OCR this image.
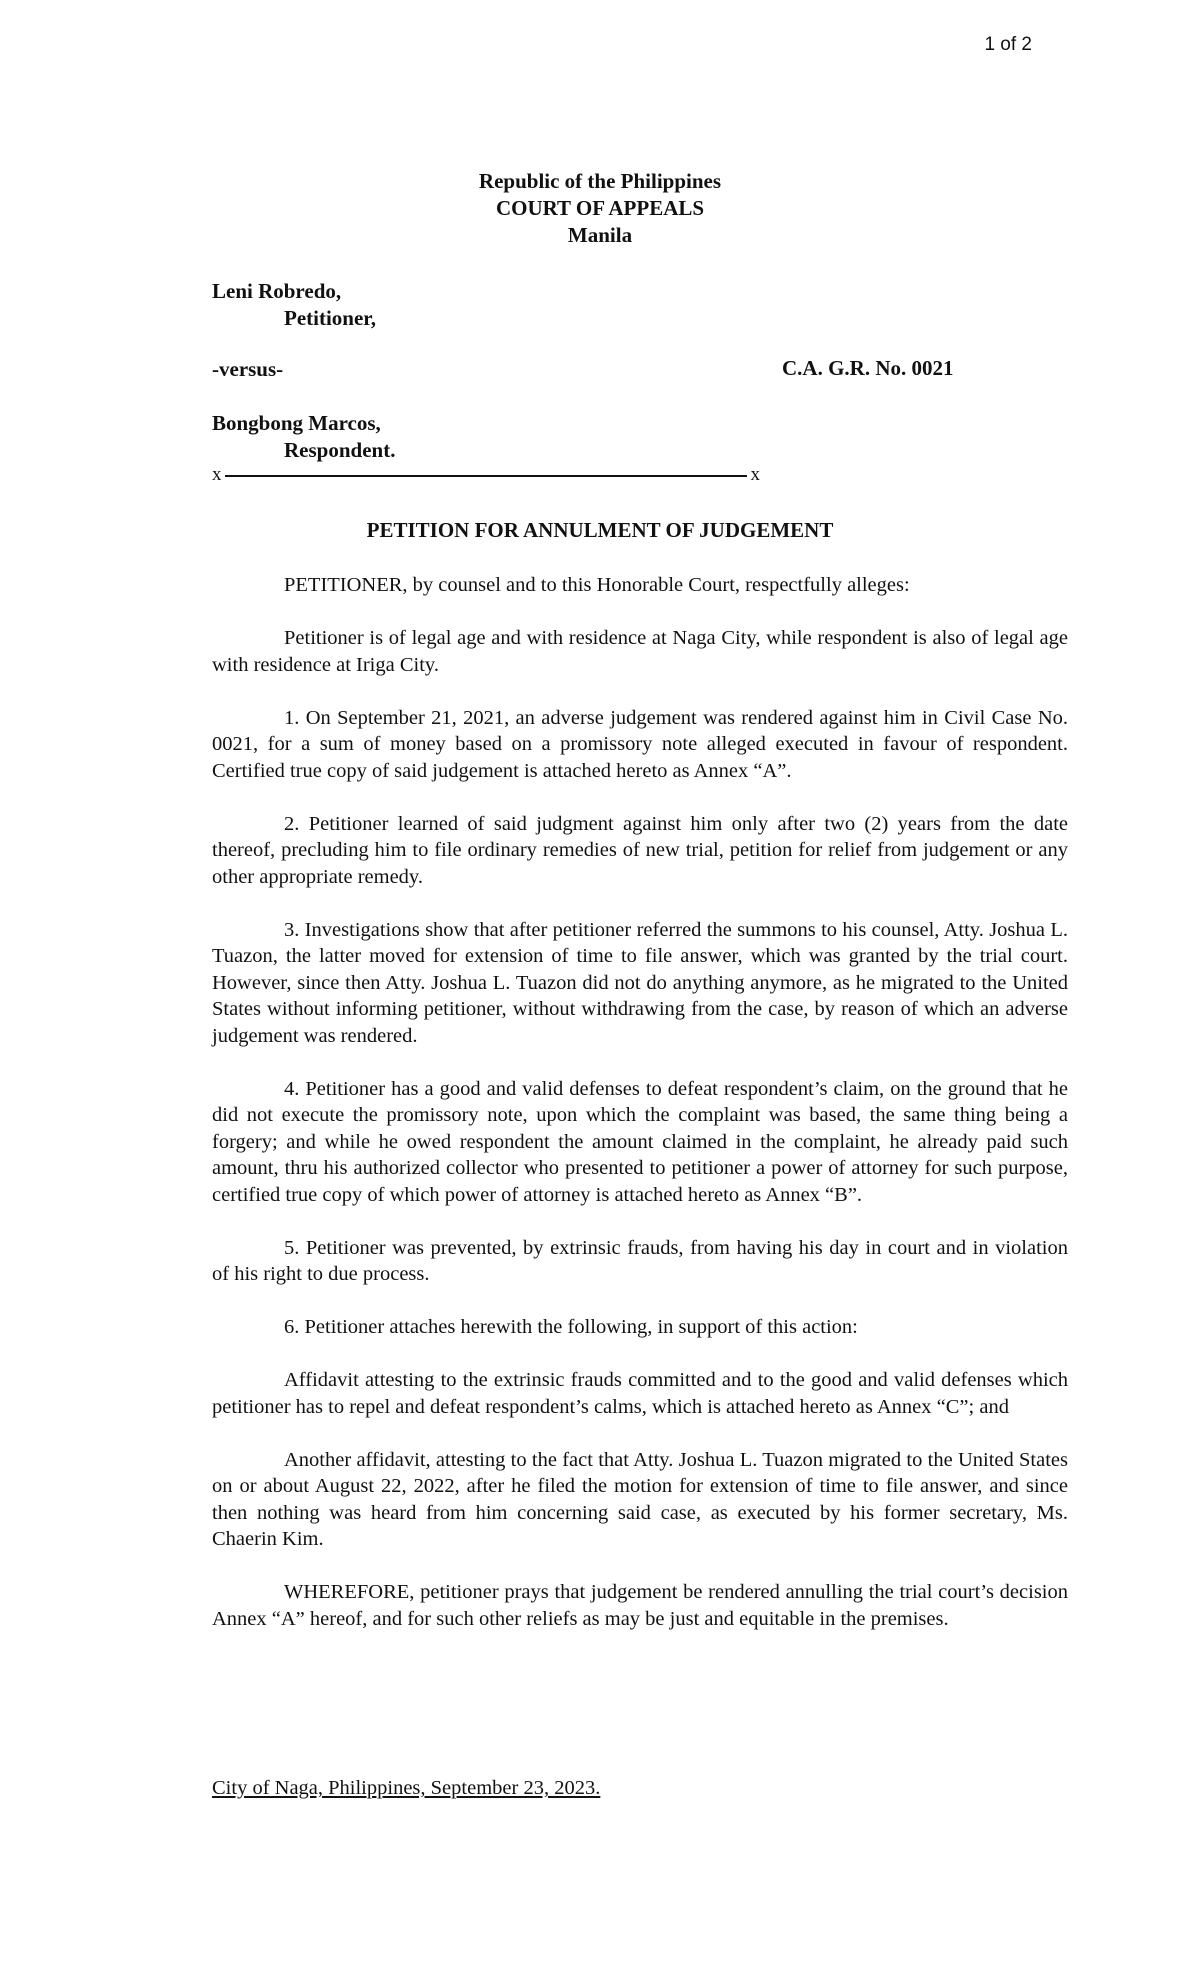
1 of 2
Republic of the Philippines
COURT OF APPEALS
Manila
Leni Robredo,
Petitioner,
-versus-	C.A. G.R. No. 0021
Bongbong Marcos,
Respondent.
x	x
PETITION FOR ANNULMENT OF JUDGEMENT

PETITIONER, by counsel and to this Honorable Court, respectfully alleges:

Petitioner is of legal age and with residence at Naga City, while respondent is also of legal age with residence at Iriga City.

1. On September 21, 2021, an adverse judgement was rendered against him in Civil Case No. 0021, for a sum of money based on a promissory note alleged executed in favour of respondent. Certified true copy of said judgement is attached hereto as Annex “A”.

2. Petitioner learned of said judgment against him only after two (2) years from the date thereof, precluding him to file ordinary remedies of new trial, petition for relief from judgement or any other appropriate remedy.

3. Investigations show that after petitioner referred the summons to his counsel, Atty. Joshua L. Tuazon, the latter moved for extension of time to file answer, which was granted by the trial court. However, since then Atty. Joshua L. Tuazon did not do anything anymore, as he migrated to the United States without informing petitioner, without withdrawing from the case, by reason of which an adverse judgement was rendered.

4. Petitioner has a good and valid defenses to defeat respondent’s claim, on the ground that he did not execute the promissory note, upon which the complaint was based, the same thing being a forgery; and while he owed respondent the amount claimed in the complaint, he already paid such amount, thru his authorized collector who presented to petitioner a power of attorney for such purpose, certified true copy of which power of attorney is attached hereto as Annex “B”.

5. Petitioner was prevented, by extrinsic frauds, from having his day in court and in violation of his right to due process.

6. Petitioner attaches herewith the following, in support of this action:

Affidavit attesting to the extrinsic frauds committed and to the good and valid defenses which petitioner has to repel and defeat respondent’s calms, which is attached hereto as Annex “C”; and

Another affidavit, attesting to the fact that Atty. Joshua L. Tuazon migrated to the United States on or about August 22, 2022, after he filed the motion for extension of time to file answer, and since then nothing was heard from him concerning said case, as executed by his former secretary, Ms. Chaerin Kim.

WHEREFORE, petitioner prays that judgement be rendered annulling the trial court’s decision Annex “A” hereof, and for such other reliefs as may be just and equitable in the premises.

City of Naga, Philippines, September 23, 2023.
